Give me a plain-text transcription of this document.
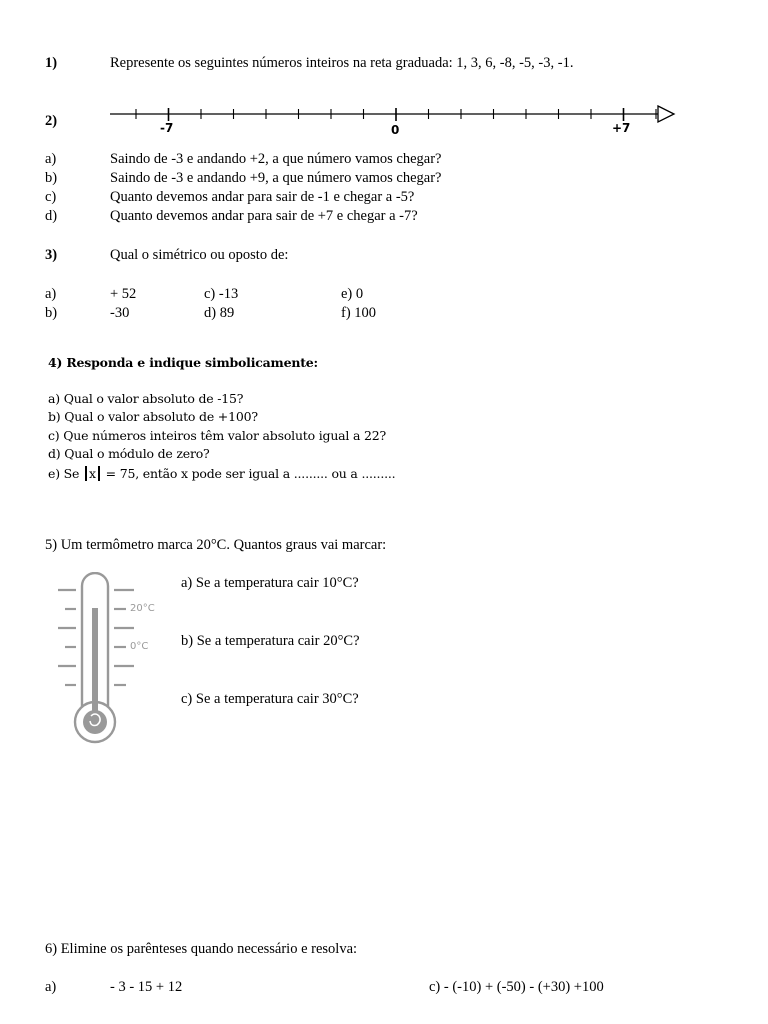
1)	Represente os seguintes números inteiros na reta graduada: 1, 3, 6, -8, -5, -3, -1.
2)	-7	0	+7
a)	Saindo de -3 e andando +2, a que número vamos chegar?
b)	Saindo de -3 e andando +9, a que número vamos chegar?
c)	Quanto devemos andar para sair de -1 e chegar a -5?
d)	Quanto devemos andar para sair de +7 e chegar a -7?
3)	Qual o simétrico ou oposto de:
a)	+ 52	c) -13	e) 0
b)	-30	d) 89	f) 100
4) Responda e indique simbolicamente:
a) Qual o valor absoluto de -15?
b) Qual o valor absoluto de +100?
c) Que números inteiros têm valor absoluto igual a 22?
d) Qual o módulo de zero?
e) Se x = 75, então x pode ser igual a ......... ou a .........
5) Um termômetro marca 20°C. Quantos graus vai marcar:
20°C
0°C
a) Se a temperatura cair 10°C?
b) Se a temperatura cair 20°C?
c) Se a temperatura cair 30°C?
6) Elimine os parênteses quando necessário e resolva:
a)	- 3 - 15 + 12	c) - (-10) + (-50) - (+30) +100
